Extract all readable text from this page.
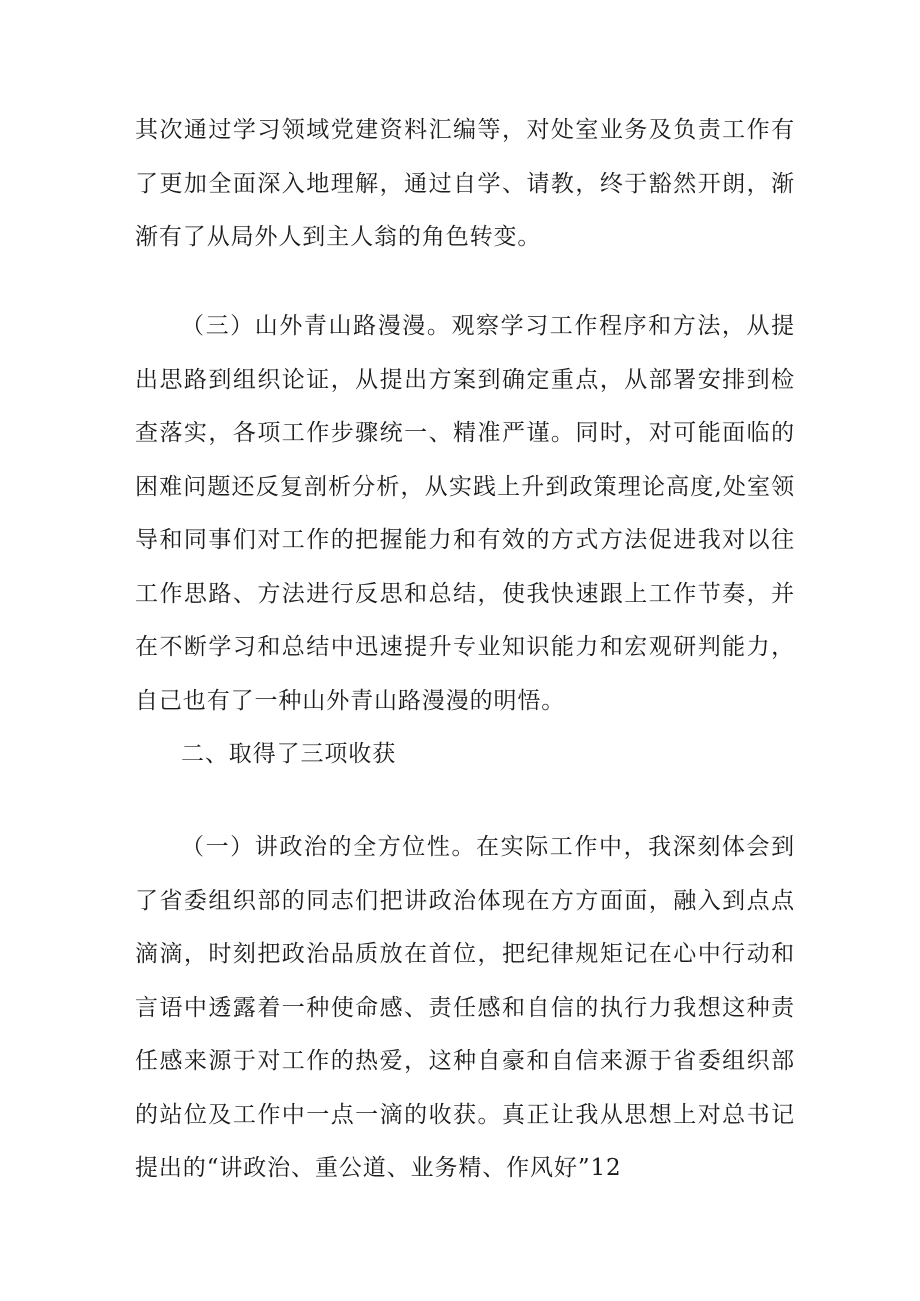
其次通过学习领域党建资料汇编等，对处室业务及负责工作有了更加全面深入地理解，通过自学、请教，终于豁然开朗，渐渐有了从局外人到主人翁的角色转变。

（三）山外青山路漫漫。观察学习工作程序和方法，从提出思路到组织论证，从提出方案到确定重点，从部署安排到检查落实，各项工作步骤统一、精准严谨。同时，对可能面临的困难问题还反复剖析分析，从实践上升到政策理论高度,处室领导和同事们对工作的把握能力和有效的方式方法促进我对以往工作思路、方法进行反思和总结，使我快速跟上工作节奏，并在不断学习和总结中迅速提升专业知识能力和宏观研判能力，自己也有了一种山外青山路漫漫的明悟。

二、取得了三项收获

（一）讲政治的全方位性。在实际工作中，我深刻体会到了省委组织部的同志们把讲政治体现在方方面面，融入到点点滴滴，时刻把政治品质放在首位，把纪律规矩记在心中行动和言语中透露着一种使命感、责任感和自信的执行力我想这种责任感来源于对工作的热爱，这种自豪和自信来源于省委组织部的站位及工作中一点一滴的收获。真正让我从思想上对总书记提出的“讲政治、重公道、业务精、作风好”12
